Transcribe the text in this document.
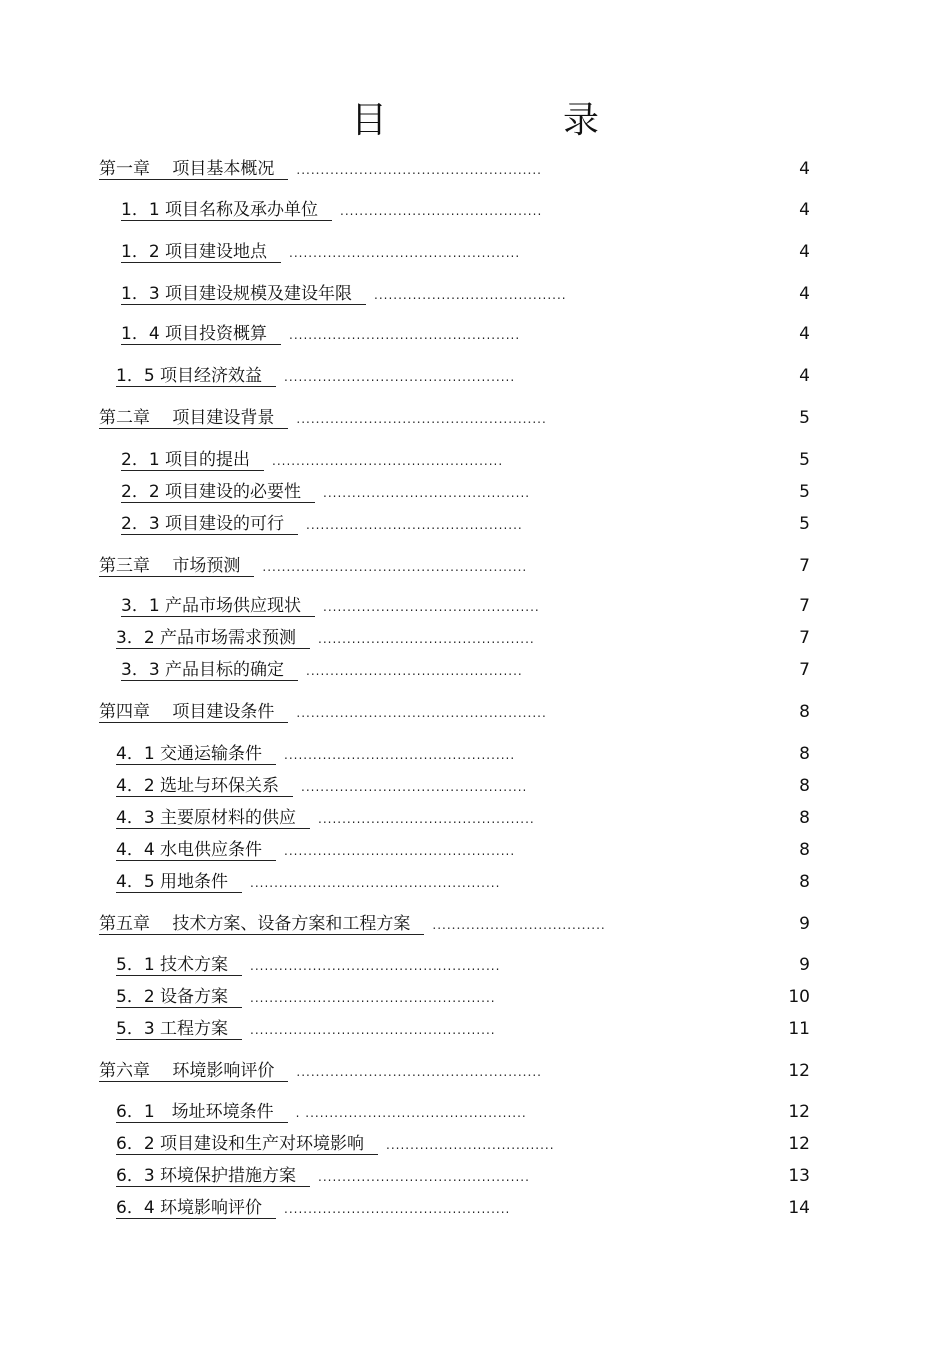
目　录
第一章　 项目基本概况	...................................................	4
1．1 项目名称及承办单位	..........................................	4
1．2 项目建设地点	................................................	4
1．3 项目建设规模及建设年限	........................................	4
1．4 项目投资概算	................................................	4
1．5 项目经济效益	................................................	4
第二章　 项目建设背景	....................................................	5
2．1 项目的提出	................................................	5
2．2 项目建设的必要性	...........................................	5
2．3 项目建设的可行	.............................................	5
第三章　 市场预测	.......................................................	7
3．1 产品市场供应现状	.............................................	7
3．2 产品市场需求预测	.............................................	7
3．3 产品目标的确定	.............................................	7
第四章　 项目建设条件	....................................................	8
4．1 交通运输条件	................................................	8
4．2 选址与环保关系	...............................................	8
4．3 主要原材料的供应	.............................................	8
4．4 水电供应条件	................................................	8
4．5 用地条件	....................................................	8
第五章　 技术方案、设备方案和工程方案	....................................	9
5．1 技术方案	....................................................	9
5．2 设备方案	...................................................	10
5．3 工程方案	...................................................	11
第六章　 环境影响评价	...................................................	12
6．1　场址环境条件	. ..............................................	12
6．2 项目建设和生产对环境影响	...................................	12
6．3 环境保护措施方案	............................................	13
6．4 环境影响评价	...............................................	14
